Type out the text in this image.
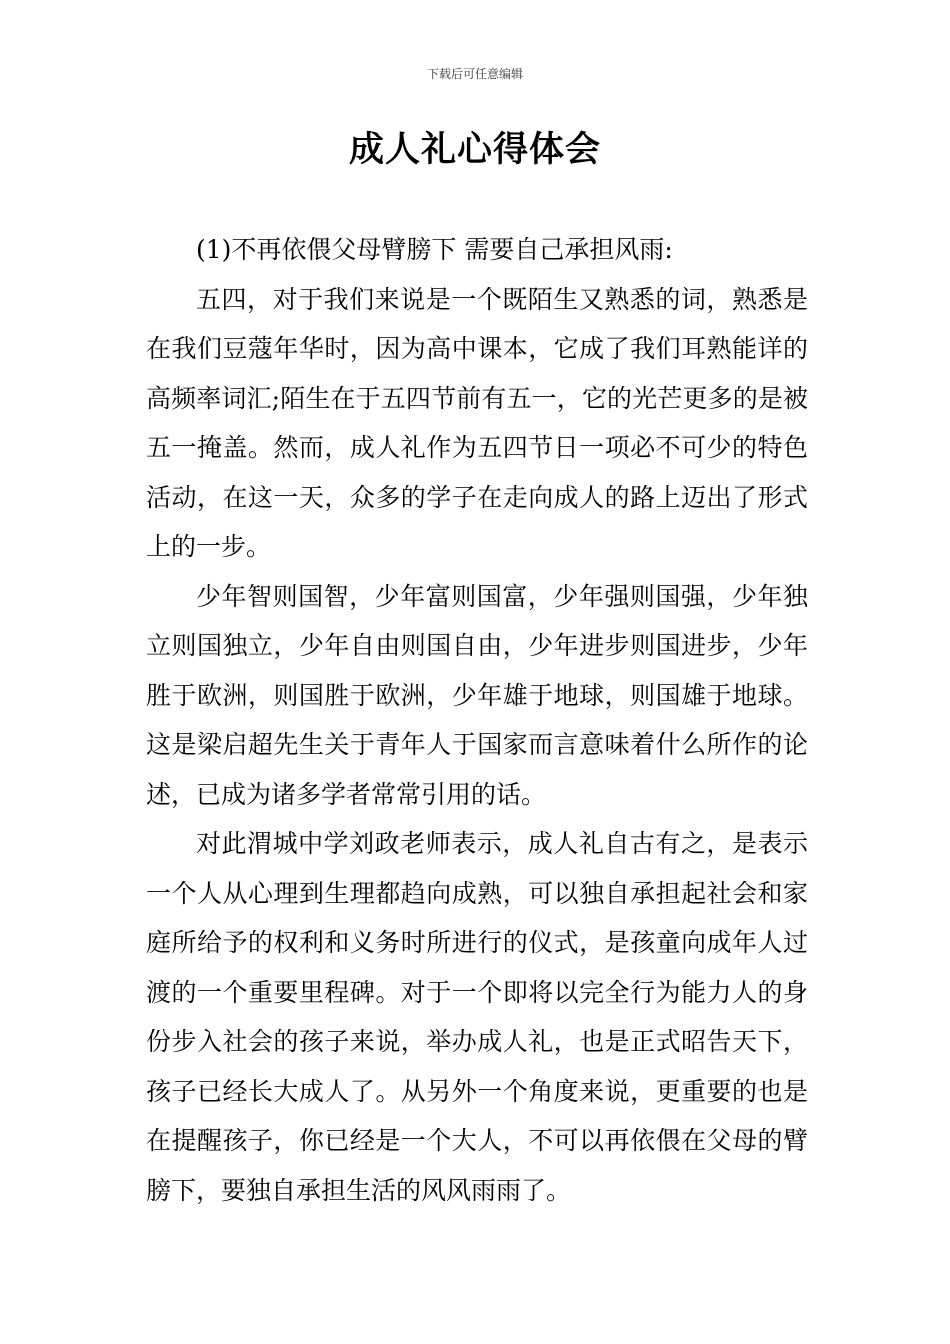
下载后可任意编辑
成人礼心得体会

(1)不再依偎父母臂膀下 需要自己承担风雨:

五四，对于我们来说是一个既陌生又熟悉的词，熟悉是在我们豆蔻年华时，因为高中课本，它成了我们耳熟能详的高频率词汇;陌生在于五四节前有五一，它的光芒更多的是被五一掩盖。然而，成人礼作为五四节日一项必不可少的特色活动，在这一天，众多的学子在走向成人的路上迈出了形式上的一步。

少年智则国智，少年富则国富，少年强则国强，少年独立则国独立，少年自由则国自由，少年进步则国进步，少年胜于欧洲，则国胜于欧洲，少年雄于地球，则国雄于地球。这是梁启超先生关于青年人于国家而言意味着什么所作的论述，已成为诸多学者常常引用的话。

对此渭城中学刘政老师表示，成人礼自古有之，是表示一个人从心理到生理都趋向成熟，可以独自承担起社会和家庭所给予的权利和义务时所进行的仪式，是孩童向成年人过渡的一个重要里程碑。对于一个即将以完全行为能力人的身份步入社会的孩子来说，举办成人礼，也是正式昭告天下，孩子已经长大成人了。从另外一个角度来说，更重要的也是在提醒孩子，你已经是一个大人，不可以再依偎在父母的臂膀下，要独自承担生活的风风雨雨了。
